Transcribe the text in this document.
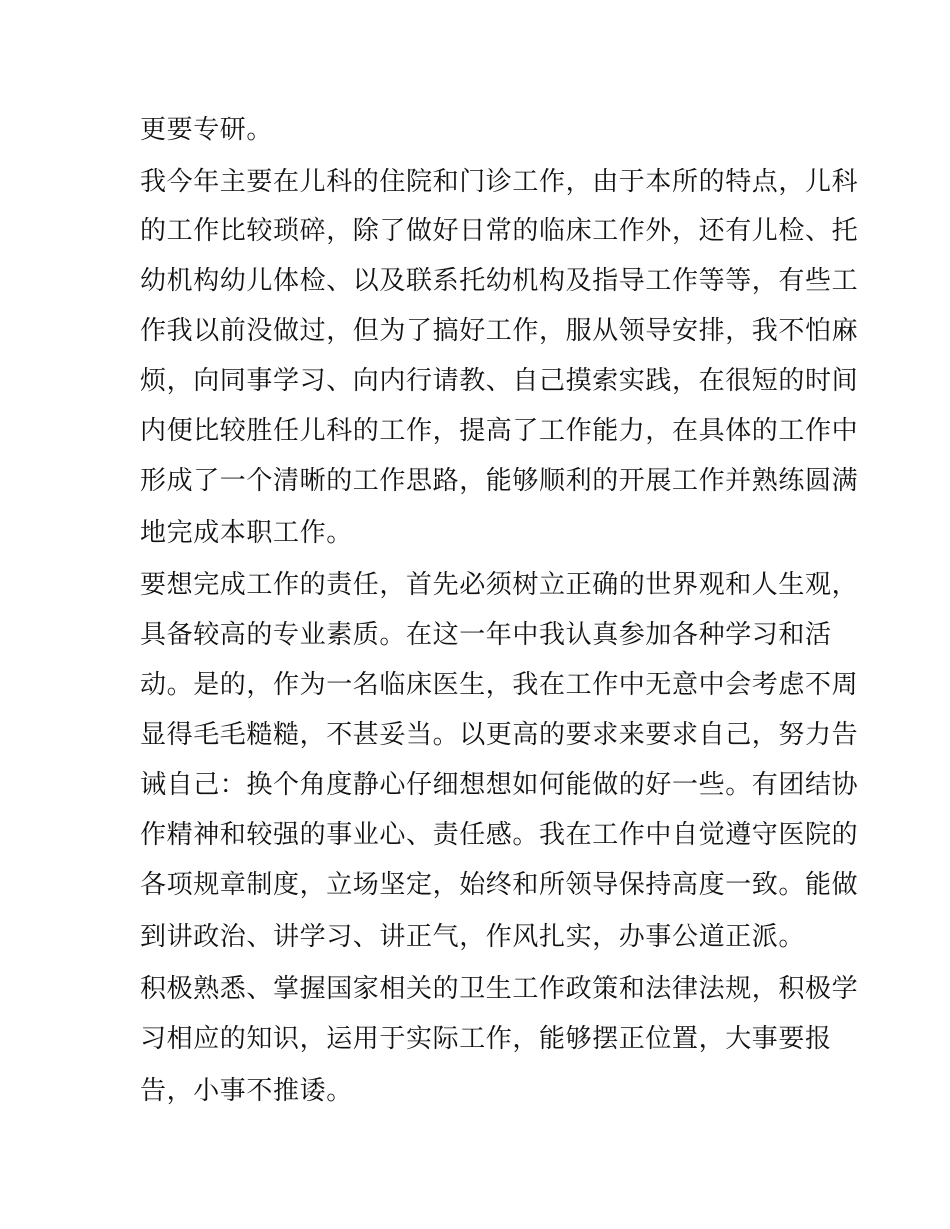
更要专研。

我今年主要在儿科的住院和门诊工作，由于本所的特点，儿科

的工作比较琐碎，除了做好日常的临床工作外，还有儿检、托

幼机构幼儿体检、以及联系托幼机构及指导工作等等，有些工

作我以前没做过，但为了搞好工作，服从领导安排，我不怕麻

烦，向同事学习、向内行请教、自己摸索实践，在很短的时间

内便比较胜任儿科的工作，提高了工作能力，在具体的工作中

形成了一个清晰的工作思路，能够顺利的开展工作并熟练圆满

地完成本职工作。

要想完成工作的责任，首先必须树立正确的世界观和人生观，

具备较高的专业素质。在这一年中我认真参加各种学习和活

动。是的，作为一名临床医生，我在工作中无意中会考虑不周

显得毛毛糙糙，不甚妥当。以更高的要求来要求自己，努力告

诫自己：换个角度静心仔细想想如何能做的好一些。有团结协

作精神和较强的事业心、责任感。我在工作中自觉遵守医院的

各项规章制度，立场坚定，始终和所领导保持高度一致。能做

到讲政治、讲学习、讲正气，作风扎实，办事公道正派。

积极熟悉、掌握国家相关的卫生工作政策和法律法规，积极学

习相应的知识，运用于实际工作，能够摆正位置，大事要报

告，小事不推诿。
